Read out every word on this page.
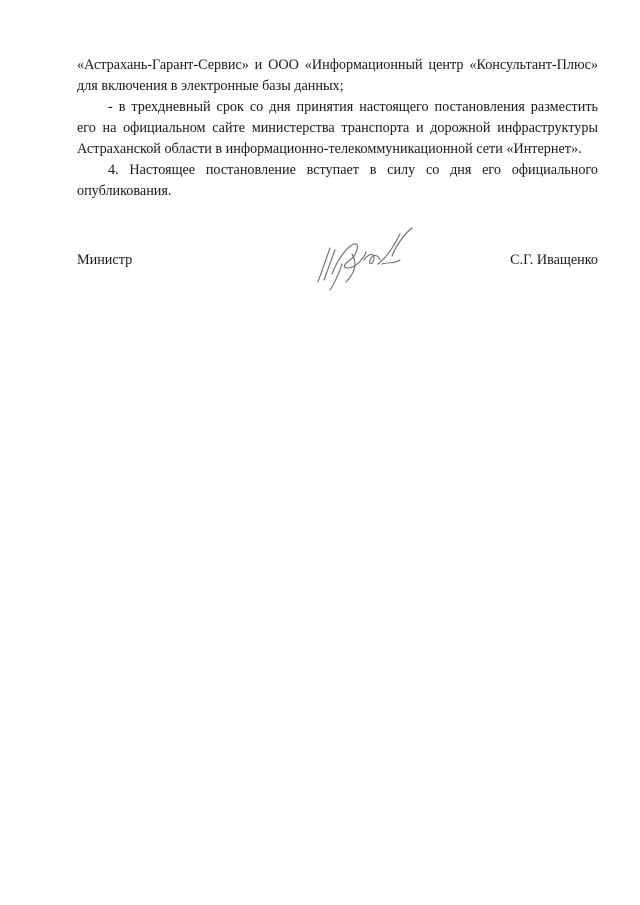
«Астрахань-Гарант-Сервис» и ООО «Информационный центр «Консультант-Плюс» для включения в электронные базы данных;

- в трехдневный срок со дня принятия настоящего постановления разместить его на официальном сайте министерства транспорта и дорожной инфраструктуры Астраханской области в информационно-телекоммуникационной сети «Интернет».

4. Настоящее постановление вступает в силу со дня его официального опубликования.

Министр	С.Г. Иващенко
